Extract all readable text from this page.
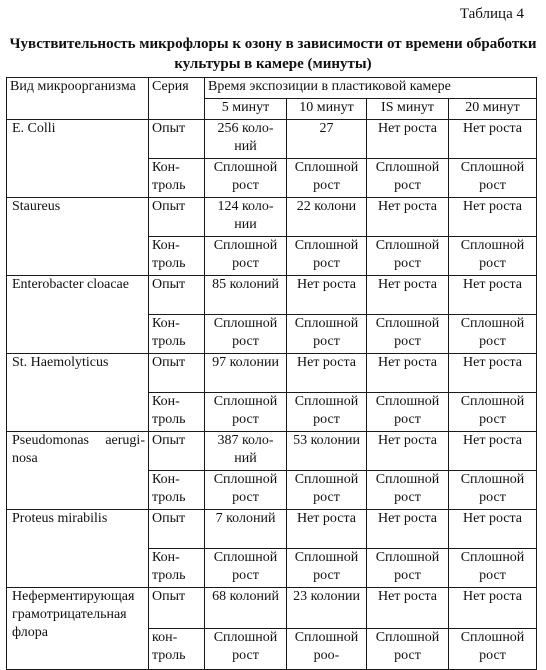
Таблица 4
Чувствительность микрофлоры к озону в зависимости от времени обработки культуры в камере (минуты)
Вид микроорганизма	Серия	Время экспозиции в пластиковой камере			
		5 минут	10 минут	IS минут	20 минут
E. Colli	Опыт	256 коло-ний	27	Нет роста	Нет роста
	Кон-троль	Сплошной рост	Сплошной рост	Сплошной рост	Сплошной рост
Staureus	Опыт	124 коло-нии	22 колони	Нет роста	Нет роста
	Кон-троль	Сплошной рост	Сплошной рост	Сплошной рост	Сплошной рост
Enterobacter cloacae	Опыт	85 колоний	Нет роста	Нет роста	Нет роста
	Кон-троль	Сплошной рост	Сплошной рост	Сплошной рост	Сплошной рост
St. Haemolyticus	Опыт	97 колонии	Нет роста	Нет роста	Нет роста
	Кон-троль	Сплошной рост	Сплошной рост	Сплошной рост	Сплошной рост
Pseudomonas aerugi-nosa	Опыт	387 коло-ний	53 колонии	Нет роста	Нет роста
	Кон-троль	Сплошной рост	Сплошной рост	Сплошной рост	Сплошной рост
Proteus mirabilis	Опыт	7 колоний	Нет роста	Нет роста	Нет роста
	Кон-троль	Сплошной рост	Сплошной рост	Сплошной рост	Сплошной рост
Неферментирующая грамотрицательная флора	Опыт	68 колоний	23 колонии	Нет роста	Нет роста
	кон-троль	Сплошной рост	Сплошной роо-	Сплошной рост	Сплошной рост
